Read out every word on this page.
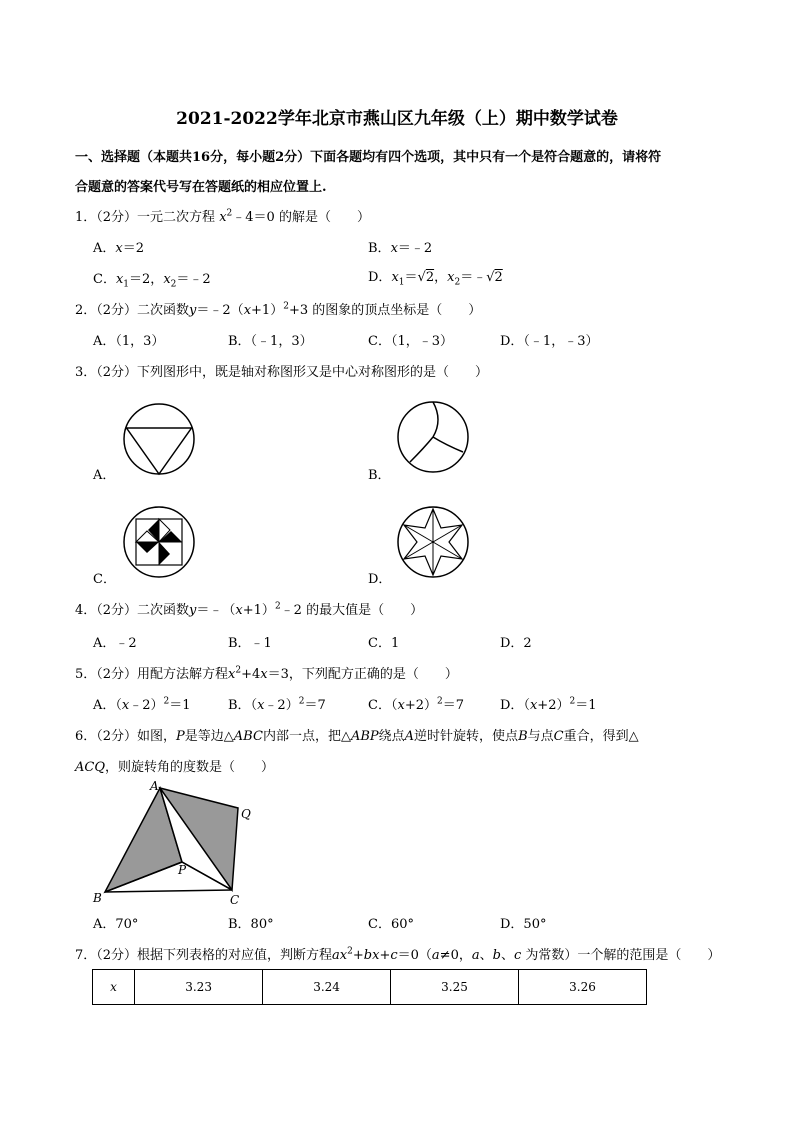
2021-2022学年北京市燕山区九年级（上）期中数学试卷
一、选择题（本题共16分，每小题2分）下面各题均有四个选项，其中只有一个是符合题意的，请将符
合题意的答案代号写在答题纸的相应位置上.
1．（2分）一元二次方程 $x^2﹣4=0$ 的解是（　　）
A．x＝2	B．x＝﹣2
C．$x_1=2$，$x_2=﹣2$	D．$x_1=√2$，$x_2=﹣√2$
2．（2分）二次函数$y=﹣2(x+1)^2+3$ 的图象的顶点坐标是（　　）
A．（1，3）	B．（﹣1，3）	C．（1，﹣3）	D．（﹣1，﹣3）
3．（2分）下列图形中，既是轴对称图形又是中心对称图形的是（　　）
A．	B．
C．	D．
4．（2分）二次函数$y=﹣(x+1)^2﹣2$ 的最大值是（　　）
A．﹣2	B．﹣1	C．1	D．2
5．（2分）用配方法解方程$x^2+4x=3$，下列配方正确的是（　　）
A．（x﹣2）$^2$＝1	B．（x﹣2）$^2$＝7	C．$(x+2)^2=7$	D．$(x+2)^2=1$
6．（2分）如图，P是等边△ABC内部一点，把△ABP绕点A逆时针旋转，使点B与点C重合，得到△
ACQ，则旋转角的度数是（　　）
A
B	C
P
Q
A．70°	B．80°	C．60°	D．50°
7．（2分）根据下列表格的对应值，判断方程$ax^2+bx+c=0(a\ne 0$，a、b、c 为常数）一个解的范围是（　　）
x	3.23	3.24	3.25	3.26
